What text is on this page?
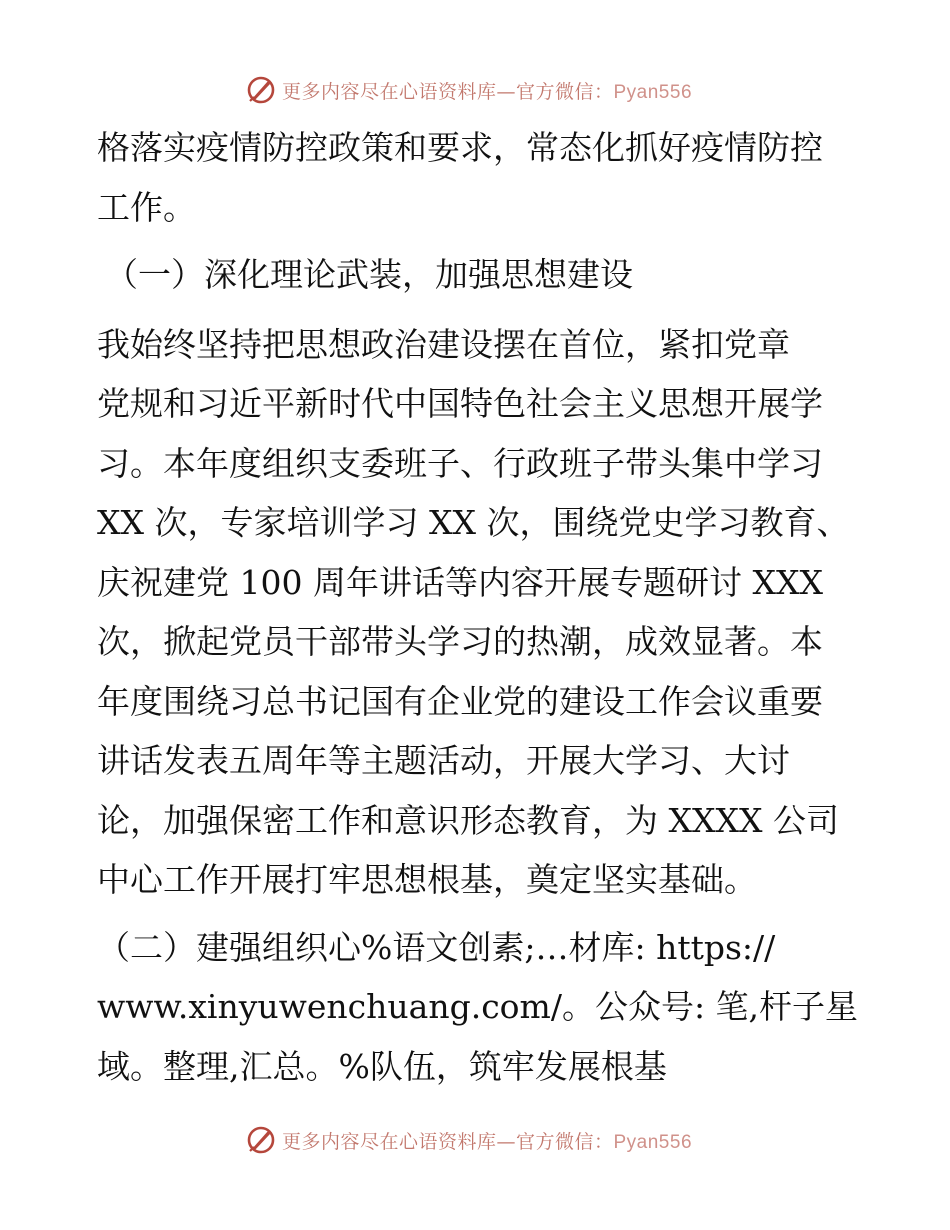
更多内容尽在心语资料库—官方微信：Pyan556
格落实疫情防控政策和要求，常态化抓好疫情防控
工作。
（一）深化理论武装，加强思想建设
我始终坚持把思想政治建设摆在首位，紧扣党章
党规和习近平新时代中国特色社会主义思想开展学
习。本年度组织支委班子、行政班子带头集中学习
XX 次，专家培训学习 XX 次，围绕党史学习教育、
庆祝建党 100 周年讲话等内容开展专题研讨 XXX
次，掀起党员干部带头学习的热潮，成效显著。本
年度围绕习总书记国有企业党的建设工作会议重要
讲话发表五周年等主题活动，开展大学习、大讨
论，加强保密工作和意识形态教育，为 XXXX 公司
中心工作开展打牢思想根基，奠定坚实基础。
（二）建强组织心%语文创素;…材库: https://
www.xinyuwenchuang.com/。公众号: 笔,杆子星
域。整理,汇总。%队伍，筑牢发展根基
更多内容尽在心语资料库—官方微信：Pyan556
